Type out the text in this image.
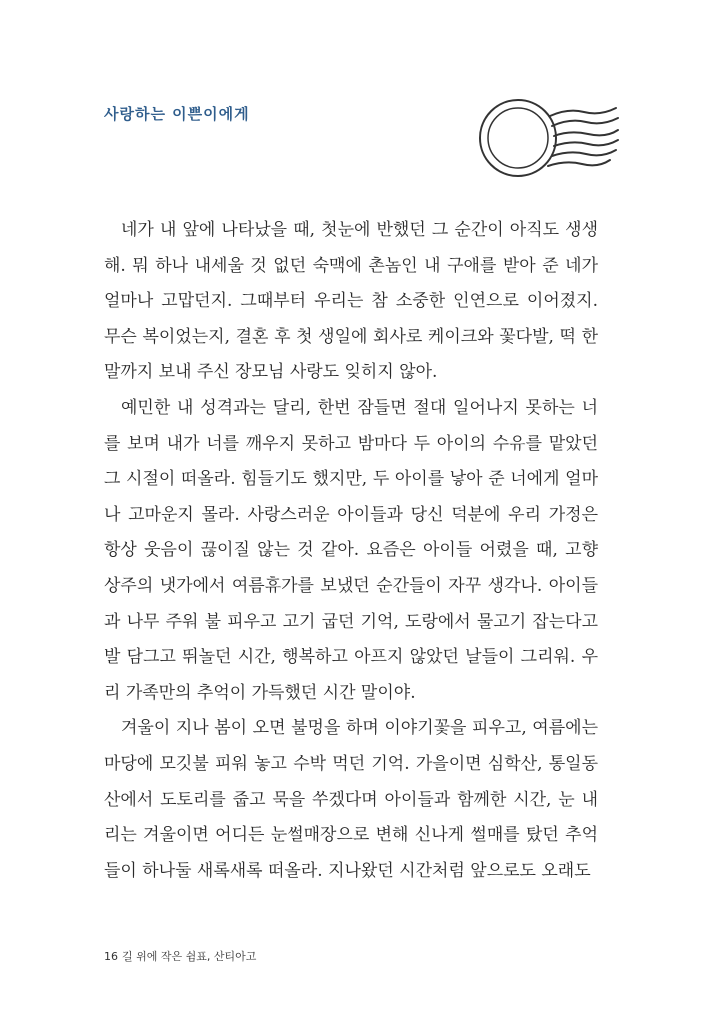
사랑하는 이쁜이에게

네가 내 앞에 나타났을 때, 첫눈에 반했던 그 순간이 아직도 생생해. 뭐 하나 내세울 것 없던 숙맥에 촌놈인 내 구애를 받아 준 네가 얼마나 고맙던지. 그때부터 우리는 참 소중한 인연으로 이어졌지. 무슨 복이었는지, 결혼 후 첫 생일에 회사로 케이크와 꽃다발, 떡 한 말까지 보내 주신 장모님 사랑도 잊히지 않아.

예민한 내 성격과는 달리, 한번 잠들면 절대 일어나지 못하는 너를 보며 내가 너를 깨우지 못하고 밤마다 두 아이의 수유를 맡았던 그 시절이 떠올라. 힘들기도 했지만, 두 아이를 낳아 준 너에게 얼마나 고마운지 몰라. 사랑스러운 아이들과 당신 덕분에 우리 가정은 항상 웃음이 끊이질 않는 것 같아. 요즘은 아이들 어렸을 때, 고향 상주의 냇가에서 여름휴가를 보냈던 순간들이 자꾸 생각나. 아이들과 나무 주워 불 피우고 고기 굽던 기억, 도랑에서 물고기 잡는다고 발 담그고 뛰놀던 시간, 행복하고 아프지 않았던 날들이 그리워. 우리 가족만의 추억이 가득했던 시간 말이야.

겨울이 지나 봄이 오면 불멍을 하며 이야기꽃을 피우고, 여름에는 마당에 모깃불 피워 놓고 수박 먹던 기억. 가을이면 심학산, 통일동산에서 도토리를 줍고 묵을 쑤겠다며 아이들과 함께한 시간, 눈 내리는 겨울이면 어디든 눈썰매장으로 변해 신나게 썰매를 탔던 추억들이 하나둘 새록새록 떠올라. 지나왔던 시간처럼 앞으로도 오래도

16 길 위에 작은 쉼표, 산티아고
